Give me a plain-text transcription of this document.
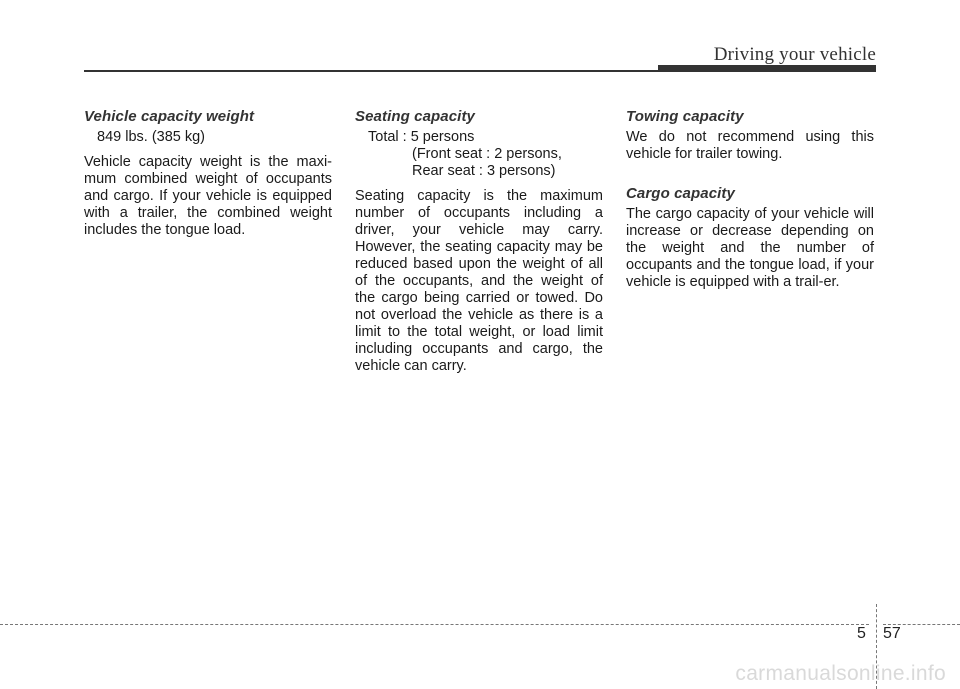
Driving your vehicle
Vehicle capacity weight
849 lbs. (385 kg)

Vehicle capacity weight is the maxi-mum combined weight of occupants and cargo. If your vehicle is equipped with a trailer, the combined weight includes the tongue load.

Seating capacity
Total : 5 persons
(Front seat : 2 persons,
Rear seat : 3 persons)

Seating capacity is the maximum number of occupants including a driver, your vehicle may carry. However, the seating capacity may be reduced based upon the weight of all of the occupants, and the weight of the cargo being carried or towed. Do not overload the vehicle as there is a limit to the total weight, or load limit including occupants and cargo, the vehicle can carry.

Towing capacity

We do not recommend using this vehicle for trailer towing.

Cargo capacity

The cargo capacity of your vehicle will increase or decrease depending on the weight and the number of occupants and the tongue load, if your vehicle is equipped with a trail-er.

5 57
carmanualsonline.info
